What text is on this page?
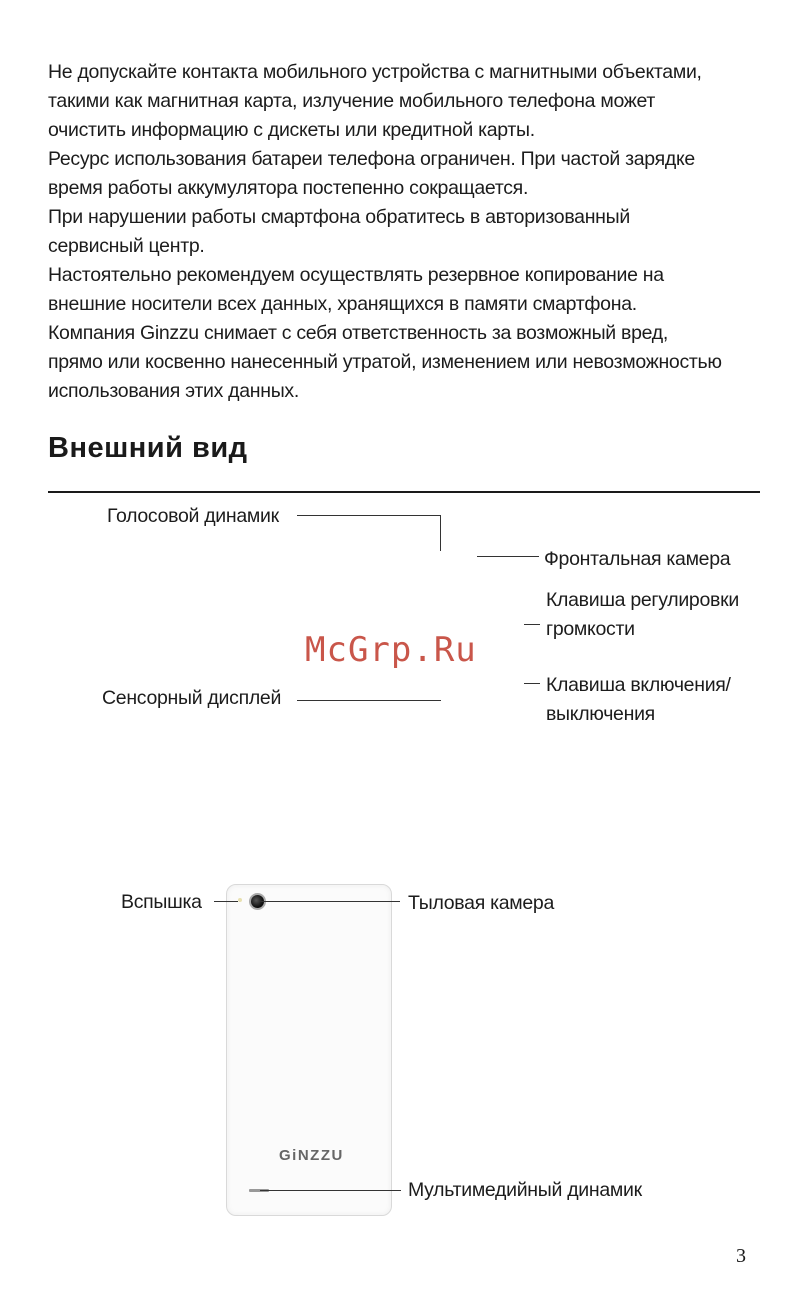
Не допускайте контакта мобильного устройства с магнитными объектами,

такими как магнитная карта, излучение мобильного телефона может

очистить информацию с дискеты или кредитной карты.

Ресурс использования батареи телефона ограничен. При частой зарядке

время работы аккумулятора постепенно сокращается.

При нарушении работы смартфона обратитесь в авторизованный

сервисный центр.

Настоятельно рекомендуем осуществлять резервное копирование на

внешние носители всех данных, хранящихся в памяти смартфона.

Компания Ginzzu снимает с себя ответственность за возможный вред,

прямо или косвенно нанесенный утратой, изменением или невозможностью

использования этих данных.

Внешний вид
Голосовой динамик
Фронтальная камера
Клавиша регулировки
громкости
McGrp.Ru
Сенсорный дисплей
Клавиша включения/
выключения
GiNZZU
Вспышка	Тыловая камера
Мультимедийный динамик
3
